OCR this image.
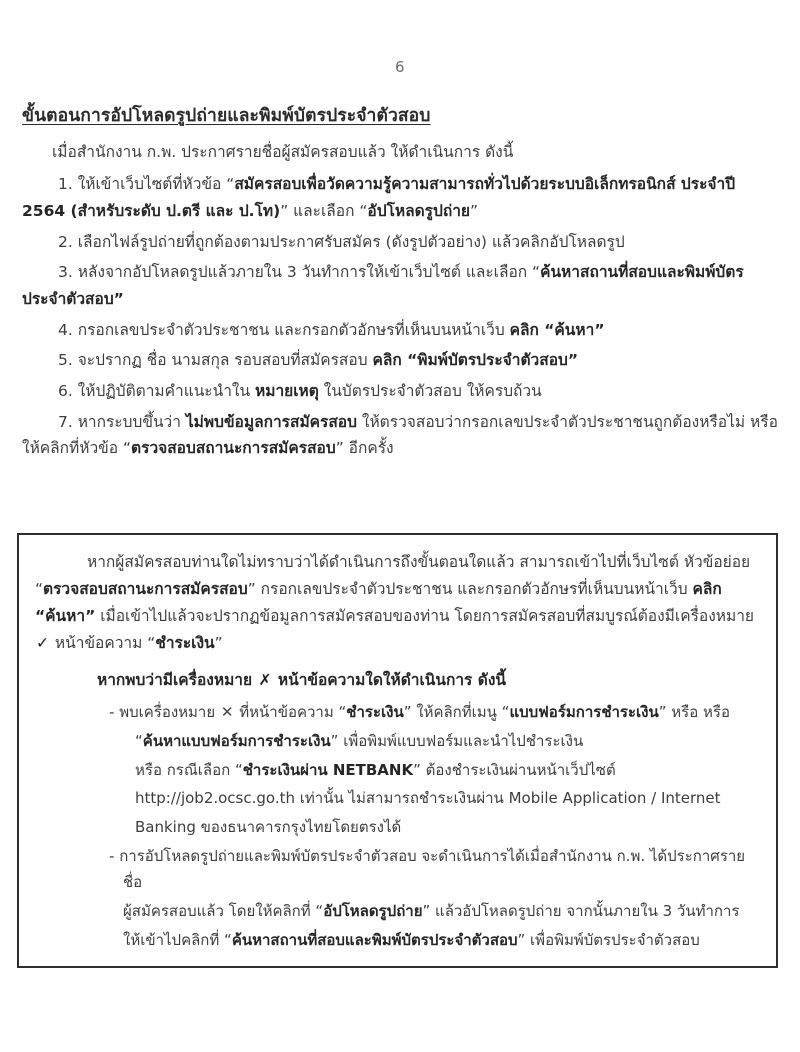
6
ขั้นตอนการอัปโหลดรูปถ่ายและพิมพ์บัตรประจำตัวสอบ

เมื่อสำนักงาน ก.พ. ประกาศรายชื่อผู้สมัครสอบแล้ว ให้ดำเนินการ ดังนี้

1. ให้เข้าเว็บไซต์ที่หัวข้อ “สมัครสอบเพื่อวัดความรู้ความสามารถทั่วไปด้วยระบบอิเล็กทรอนิกส์ ประจำปี 2564 (สำหรับระดับ ป.ตรี และ ป.โท)” และเลือก “อัปโหลดรูปถ่าย”
2. เลือกไฟล์รูปถ่ายที่ถูกต้องตามประกาศรับสมัคร (ดังรูปตัวอย่าง) แล้วคลิกอัปโหลดรูป
3. หลังจากอัปโหลดรูปแล้วภายใน 3 วันทำการให้เข้าเว็บไซต์ และเลือก “ค้นหาสถานที่สอบและพิมพ์บัตรประจำตัวสอบ”
4. กรอกเลขประจำตัวประชาชน และกรอกตัวอักษรที่เห็นบนหน้าเว็บ คลิก “ค้นหา”
5. จะปรากฏ ชื่อ นามสกุล รอบสอบที่สมัครสอบ คลิก “พิมพ์บัตรประจำตัวสอบ”
6. ให้ปฏิบัติตามคำแนะนำใน หมายเหตุ ในบัตรประจำตัวสอบ ให้ครบถ้วน
7. หากระบบขึ้นว่า ไม่พบข้อมูลการสมัครสอบ ให้ตรวจสอบว่ากรอกเลขประจำตัวประชาชนถูกต้องหรือไม่ หรือให้คลิกที่หัวข้อ “ตรวจสอบสถานะการสมัครสอบ” อีกครั้ง

หากผู้สมัครสอบท่านใดไม่ทราบว่าได้ดำเนินการถึงขั้นตอนใดแล้ว สามารถเข้าไปที่เว็บไซต์ หัวข้อย่อย “ตรวจสอบสถานะการสมัครสอบ” กรอกเลขประจำตัวประชาชน และกรอกตัวอักษรที่เห็นบนหน้าเว็บ คลิก “ค้นหา” เมื่อเข้าไปแล้วจะปรากฏข้อมูลการสมัครสอบของท่าน โดยการสมัครสอบที่สมบูรณ์ต้องมีเครื่องหมาย ✓ หน้าข้อความ “ชำระเงิน”

หากพบว่ามีเครื่องหมาย ✗ หน้าข้อความใดให้ดำเนินการ ดังนี้

- พบเครื่องหมาย ✕ ที่หน้าข้อความ “ชำระเงิน” ให้คลิกที่เมนู “แบบฟอร์มการชำระเงิน” หรือ หรือ
“ค้นหาแบบฟอร์มการชำระเงิน” เพื่อพิมพ์แบบฟอร์มและนำไปชำระเงิน
หรือ กรณีเลือก “ชำระเงินผ่าน NETBANK” ต้องชำระเงินผ่านหน้าเว็ปไซต์
http://job2.ocsc.go.th เท่านั้น ไม่สามารถชำระเงินผ่าน Mobile Application / Internet
Banking ของธนาคารกรุงไทยโดยตรงได้
- การอัปโหลดรูปถ่ายและพิมพ์บัตรประจำตัวสอบ จะดำเนินการได้เมื่อสำนักงาน ก.พ. ได้ประกาศรายชื่อ
ผู้สมัครสอบแล้ว โดยให้คลิกที่ “อัปโหลดรูปถ่าย” แล้วอัปโหลดรูปถ่าย จากนั้นภายใน 3 วันทำการ
ให้เข้าไปคลิกที่ “ค้นหาสถานที่สอบและพิมพ์บัตรประจำตัวสอบ” เพื่อพิมพ์บัตรประจำตัวสอบ
